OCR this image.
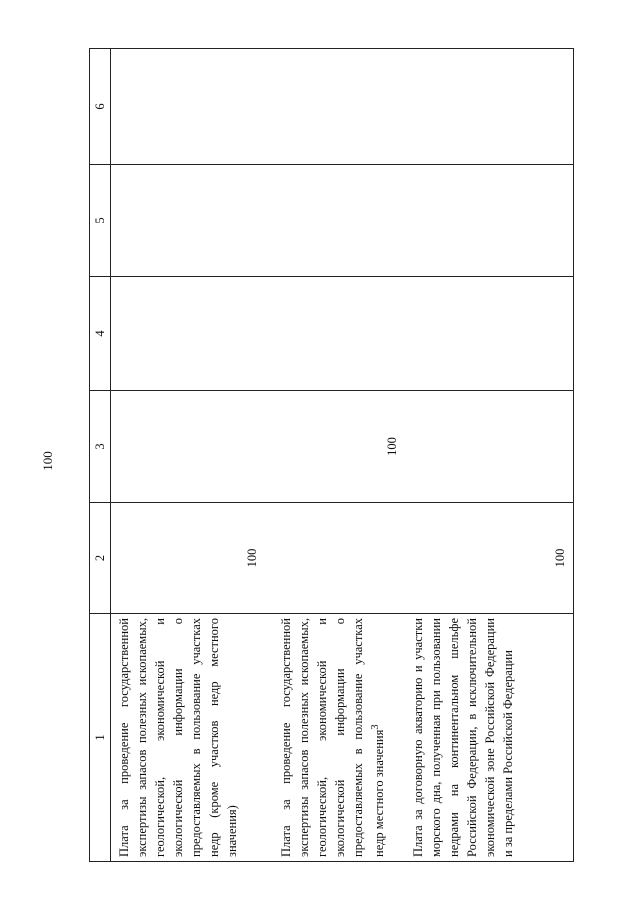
100
1	2	3	4	5	6

Плата за проведение государственной экспертизы запасов полезных ископаемых, геологической, экономической и экологической информации о предоставляемых в пользование участках недр (кроме участков недр местного значения)	100				

Плата за проведение государственной экспертизы запасов полезных ископаемых, геологической, экономической и экологической информации о предоставляемых в пользование участках недр местного значения$^3$		100			

Плата за договорную акваторию и участки морского дна, полученная при пользовании недрами на континентальном шельфе Российской Федерации, в исключительной экономической зоне Российской Федерации и за пределами Российской Федерации	100				
